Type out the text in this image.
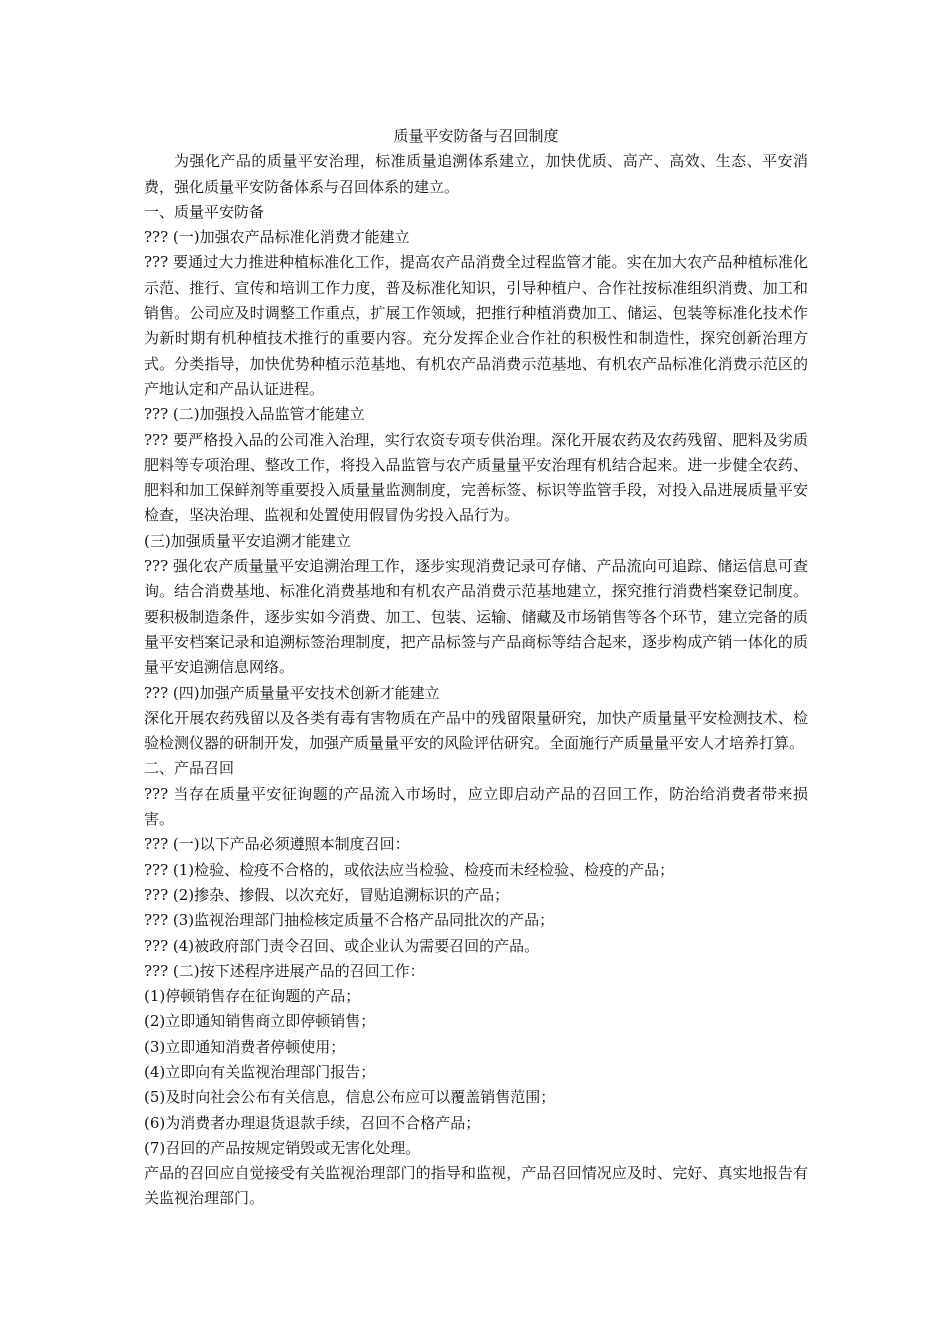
质量平安防备与召回制度

为强化产品的质量平安治理，标准质量追溯体系建立，加快优质、高产、高效、生态、平安消费，强化质量平安防备体系与召回体系的建立。

一、质量平安防备

??? (一)加强农产品标准化消费才能建立

??? 要通过大力推进种植标准化工作，提高农产品消费全过程监管才能。实在加大农产品种植标准化示范、推行、宣传和培训工作力度，普及标准化知识，引导种植户、合作社按标准组织消费、加工和销售。公司应及时调整工作重点，扩展工作领域，把推行种植消费加工、储运、包装等标准化技术作为新时期有机种植技术推行的重要内容。充分发挥企业合作社的积极性和制造性，探究创新治理方式。分类指导，加快优势种植示范基地、有机农产品消费示范基地、有机农产品标准化消费示范区的产地认定和产品认证进程。

??? (二)加强投入品监管才能建立

??? 要严格投入品的公司准入治理，实行农资专项专供治理。深化开展农药及农药残留、肥料及劣质肥料等专项治理、整改工作，将投入品监管与农产质量量平安治理有机结合起来。进一步健全农药、肥料和加工保鲜剂等重要投入质量量监测制度，完善标签、标识等监管手段，对投入品进展质量平安检查，坚决治理、监视和处置使用假冒伪劣投入品行为。

(三)加强质量平安追溯才能建立

??? 强化农产质量量平安追溯治理工作，逐步实现消费记录可存储、产品流向可追踪、储运信息可查询。结合消费基地、标准化消费基地和有机农产品消费示范基地建立，探究推行消费档案登记制度。要积极制造条件，逐步实如今消费、加工、包装、运输、储藏及市场销售等各个环节，建立完备的质量平安档案记录和追溯标签治理制度，把产品标签与产品商标等结合起来，逐步构成产销一体化的质量平安追溯信息网络。

??? (四)加强产质量量平安技术创新才能建立

深化开展农药残留以及各类有毒有害物质在产品中的残留限量研究，加快产质量量平安检测技术、检验检测仪器的研制开发，加强产质量量平安的风险评估研究。全面施行产质量量平安人才培养打算。

二、产品召回

??? 当存在质量平安征询题的产品流入市场时，应立即启动产品的召回工作，防治给消费者带来损害。

??? (一)以下产品必须遵照本制度召回：

??? (1)检验、检疫不合格的，或依法应当检验、检疫而未经检验、检疫的产品；

??? (2)掺杂、掺假、以次充好，冒贴追溯标识的产品；

??? (3)监视治理部门抽检核定质量不合格产品同批次的产品；

??? (4)被政府部门责令召回、或企业认为需要召回的产品。

??? (二)按下述程序进展产品的召回工作：

(1)停顿销售存在征询题的产品；

(2)立即通知销售商立即停顿销售；

(3)立即通知消费者停顿使用；

(4)立即向有关监视治理部门报告；

(5)及时向社会公布有关信息，信息公布应可以覆盖销售范围；

(6)为消费者办理退货退款手续，召回不合格产品；

(7)召回的产品按规定销毁或无害化处理。

产品的召回应自觉接受有关监视治理部门的指导和监视，产品召回情况应及时、完好、真实地报告有关监视治理部门。
